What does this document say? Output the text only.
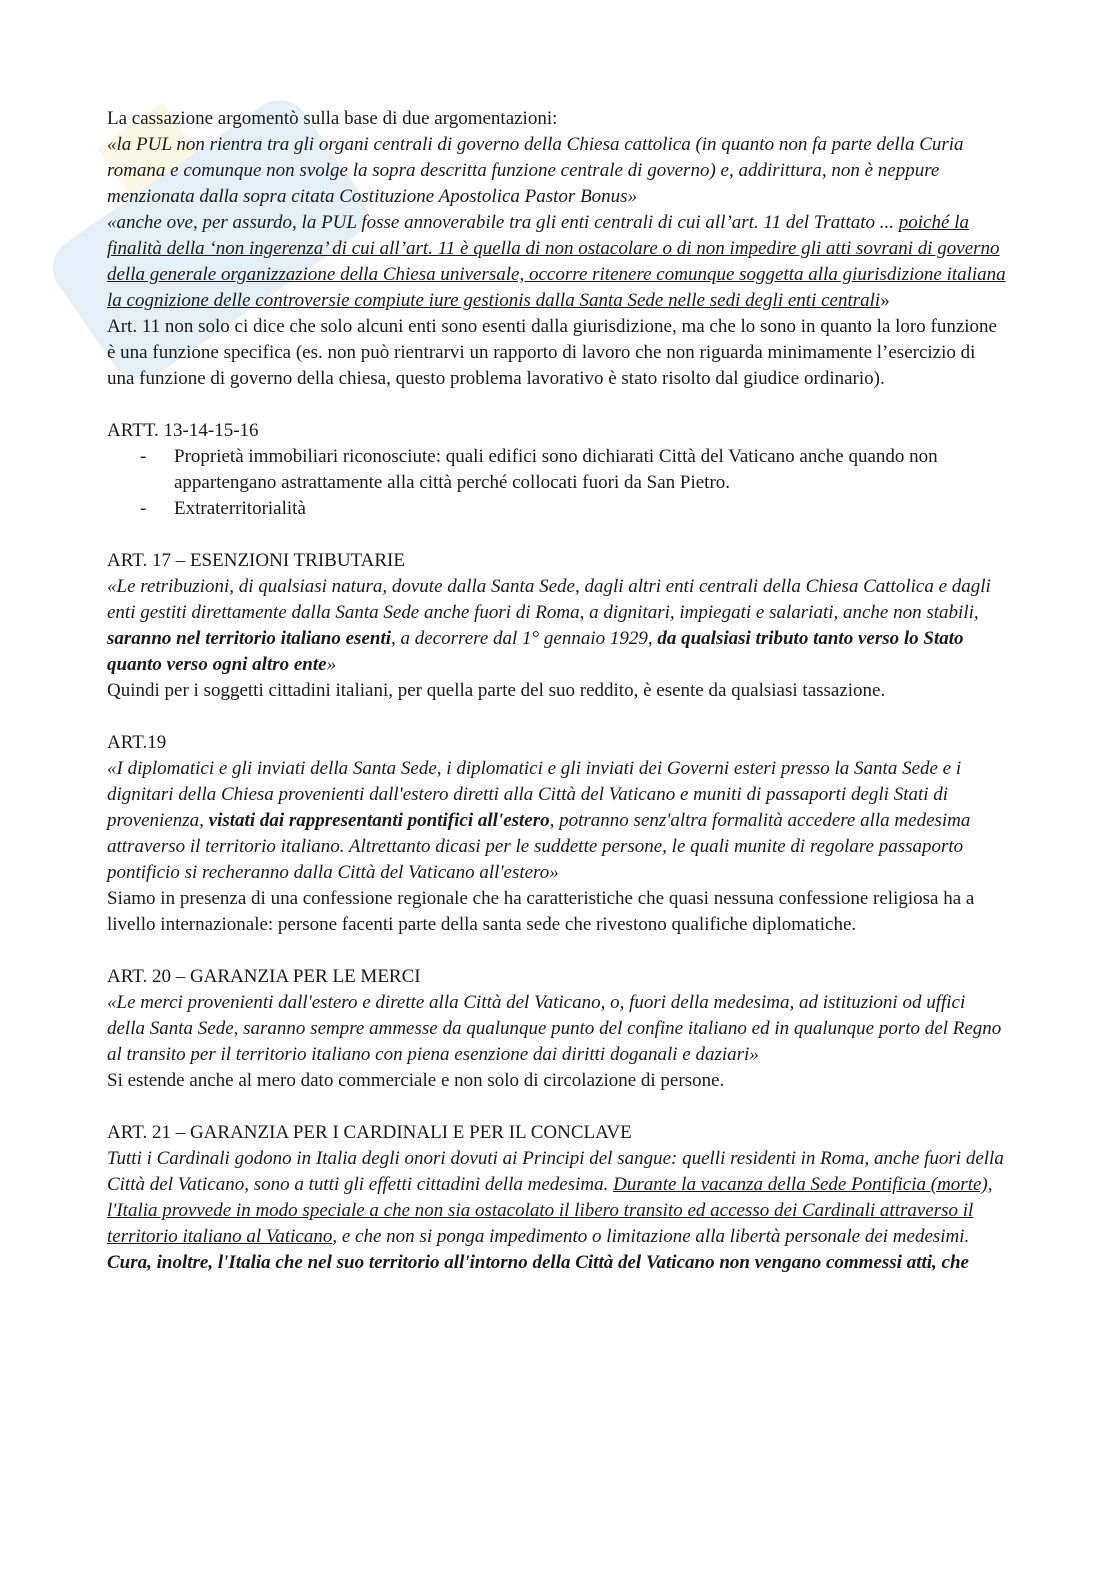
La cassazione argomentò sulla base di due argomentazioni:

«la PUL non rientra tra gli organi centrali di governo della Chiesa cattolica (in quanto non fa parte della Curia romana e comunque non svolge la sopra descritta funzione centrale di governo) e, addirittura, non è neppure menzionata dalla sopra citata Costituzione Apostolica Pastor Bonus»

«anche ove, per assurdo, la PUL fosse annoverabile tra gli enti centrali di cui all’art. 11 del Trattato ... poiché la finalità della ‘non ingerenza’ di cui all’art. 11 è quella di non ostacolare o di non impedire gli atti sovrani di governo della generale organizzazione della Chiesa universale, occorre ritenere comunque soggetta alla giurisdizione italiana la cognizione delle controversie compiute iure gestionis dalla Santa Sede nelle sedi degli enti centrali»

Art. 11 non solo ci dice che solo alcuni enti sono esenti dalla giurisdizione, ma che lo sono in quanto la loro funzione è una funzione specifica (es. non può rientrarvi un rapporto di lavoro che non riguarda minimamente l’esercizio di una funzione di governo della chiesa, questo problema lavorativo è stato risolto dal giudice ordinario).

ARTT. 13-14-15-16

- Proprietà immobiliari riconosciute: quali edifici sono dichiarati Città del Vaticano anche quando non appartengano astrattamente alla città perché collocati fuori da San Pietro.
- Extraterritorialità

ART. 17 – ESENZIONI TRIBUTARIE

«Le retribuzioni, di qualsiasi natura, dovute dalla Santa Sede, dagli altri enti centrali della Chiesa Cattolica e dagli enti gestiti direttamente dalla Santa Sede anche fuori di Roma, a dignitari, impiegati e salariati, anche non stabili, saranno nel territorio italiano esenti, a decorrere dal 1° gennaio 1929, da qualsiasi tributo tanto verso lo Stato quanto verso ogni altro ente»

Quindi per i soggetti cittadini italiani, per quella parte del suo reddito, è esente da qualsiasi tassazione.

ART.19

«I diplomatici e gli inviati della Santa Sede, i diplomatici e gli inviati dei Governi esteri presso la Santa Sede e i dignitari della Chiesa provenienti dall'estero diretti alla Città del Vaticano e muniti di passaporti degli Stati di provenienza, vistati dai rappresentanti pontifici all'estero, potranno senz'altra formalità accedere alla medesima attraverso il territorio italiano. Altrettanto dicasi per le suddette persone, le quali munite di regolare passaporto pontificio si recheranno dalla Città del Vaticano all'estero»

Siamo in presenza di una confessione regionale che ha caratteristiche che quasi nessuna confessione religiosa ha a livello internazionale: persone facenti parte della santa sede che rivestono qualifiche diplomatiche.

ART. 20 – GARANZIA PER LE MERCI

«Le merci provenienti dall'estero e dirette alla Città del Vaticano, o, fuori della medesima, ad istituzioni od uffici della Santa Sede, saranno sempre ammesse da qualunque punto del confine italiano ed in qualunque porto del Regno al transito per il territorio italiano con piena esenzione dai diritti doganali e daziari»

Si estende anche al mero dato commerciale e non solo di circolazione di persone.

ART. 21 – GARANZIA PER I CARDINALI E PER IL CONCLAVE

Tutti i Cardinali godono in Italia degli onori dovuti ai Principi del sangue: quelli residenti in Roma, anche fuori della Città del Vaticano, sono a tutti gli effetti cittadini della medesima. Durante la vacanza della Sede Pontificia (morte), l'Italia provvede in modo speciale a che non sia ostacolato il libero transito ed accesso dei Cardinali attraverso il territorio italiano al Vaticano, e che non si ponga impedimento o limitazione alla libertà personale dei medesimi. Cura, inoltre, l'Italia che nel suo territorio all'intorno della Città del Vaticano non vengano commessi atti, che
